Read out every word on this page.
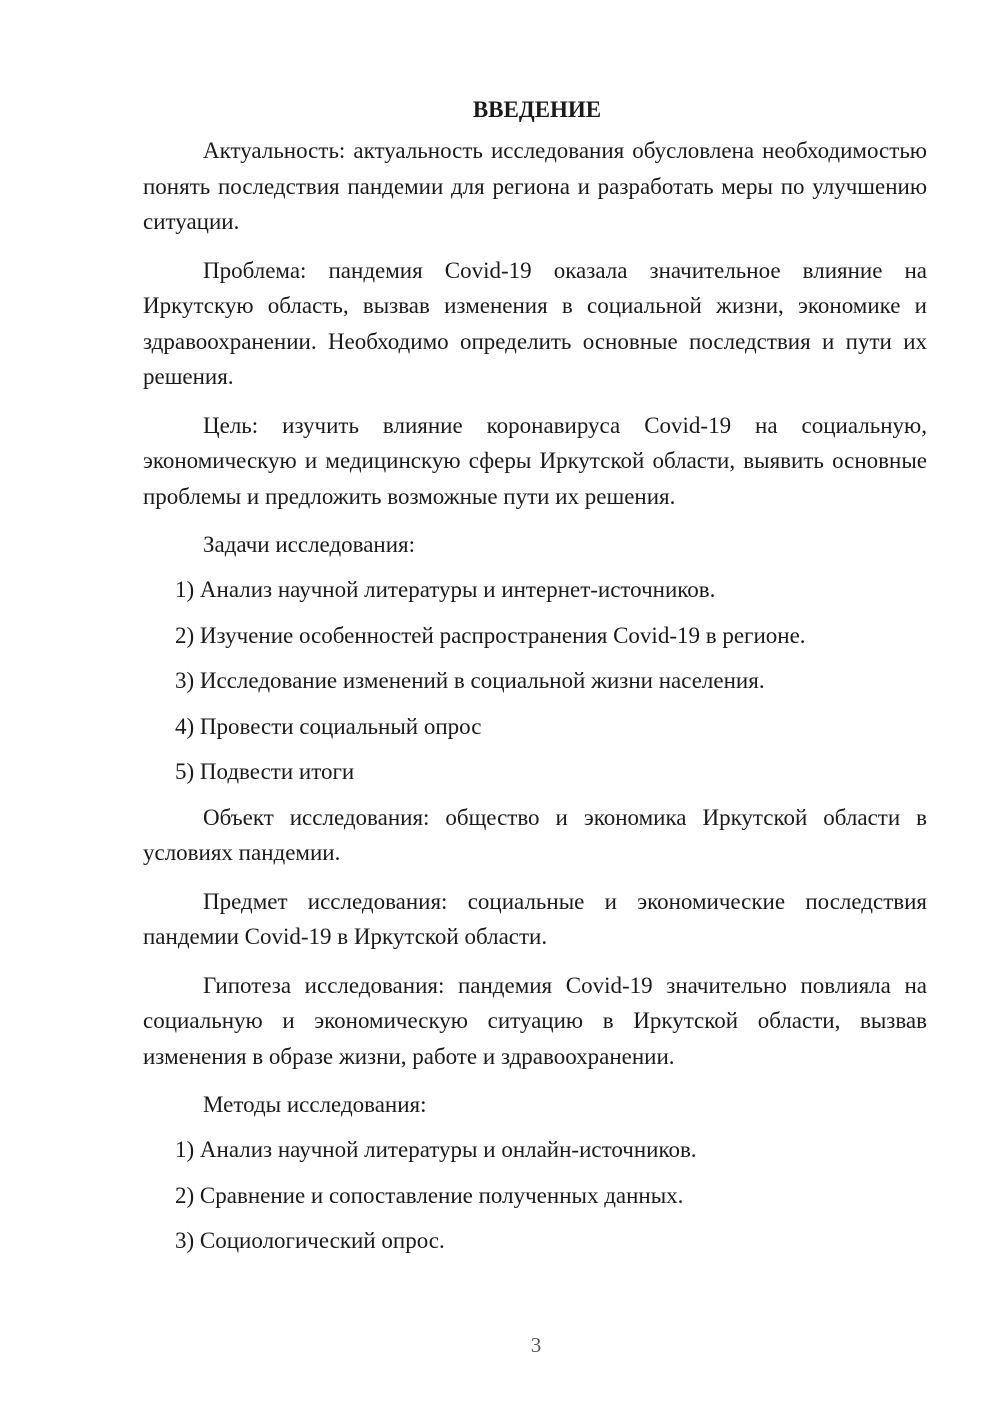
ВВЕДЕНИЕ

Актуальность: актуальность исследования обусловлена необходимостью понять последствия пандемии для региона и разработать меры по улучшению ситуации.

Проблема: пандемия Covid-19 оказала значительное влияние на Иркутскую область, вызвав изменения в социальной жизни, экономике и здравоохранении. Необходимо определить основные последствия и пути их решения.

Цель: изучить влияние коронавируса Covid-19 на социальную, экономическую и медицинскую сферы Иркутской области, выявить основные проблемы и предложить возможные пути их решения.

Задачи исследования:

1) Анализ научной литературы и интернет-источников.
2) Изучение особенностей распространения Covid-19 в регионе.
3) Исследование изменений в социальной жизни населения.
4) Провести социальный опрос
5) Подвести итоги

Объект исследования: общество и экономика Иркутской области в условиях пандемии.

Предмет исследования: социальные и экономические последствия пандемии Covid-19 в Иркутской области.

Гипотеза исследования: пандемия Covid-19 значительно повлияла на социальную и экономическую ситуацию в Иркутской области, вызвав изменения в образе жизни, работе и здравоохранении.

Методы исследования:

1) Анализ научной литературы и онлайн-источников.
2) Сравнение и сопоставление полученных данных.
3) Социологический опрос.
3
